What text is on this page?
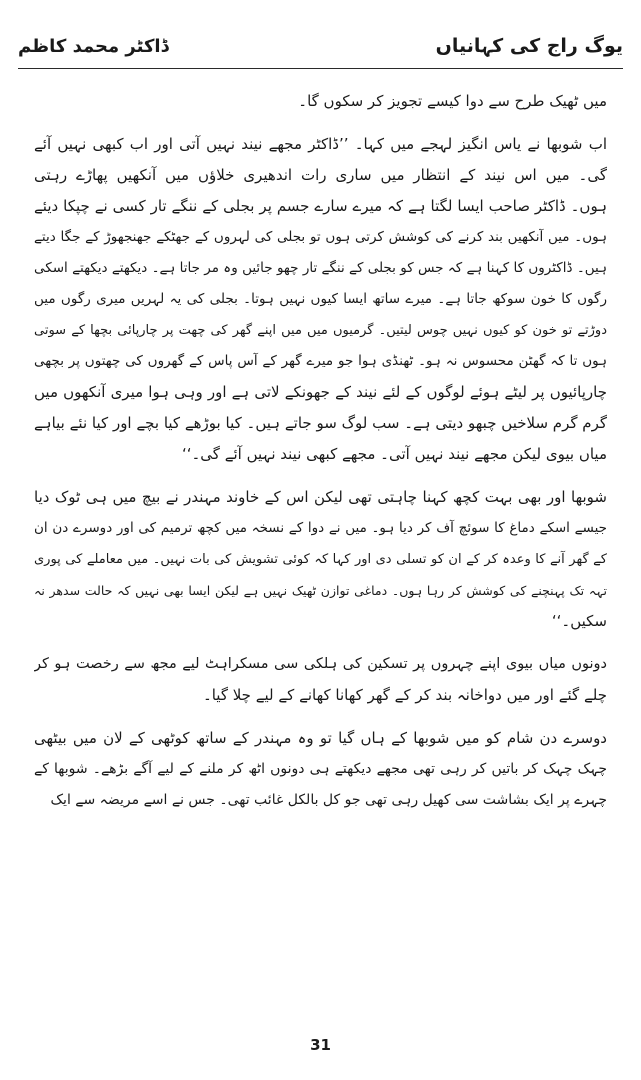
ڈاکٹر محمد کاظم	یوگ راج کی کہانیاں
میں ٹھیک طرح سے دوا کیسے تجویز کر سکوں گا۔
اب شوبھا نے یاس انگیز لہجے میں کہا۔ ’’ڈاکٹر مجھے نیند نہیں آتی اور اب کبھی نہیں آئے
گی۔ میں اس نیند کے انتظار میں ساری رات اندھیری خلاؤں میں آنکھیں پھاڑے رہتی
ہوں۔ ڈاکٹر صاحب ایسا لگتا ہے کہ میرے سارے جسم پر بجلی کے ننگے تار کسی نے چپکا دیئے
ہوں۔ میں آنکھیں بند کرنے کی کوشش کرتی ہوں تو بجلی کی لہروں کے جھٹکے جھنجھوڑ کے جگا دیتے
ہیں۔ ڈاکٹروں کا کہنا ہے کہ جس کو بجلی کے ننگے تار چھو جائیں وہ مر جاتا ہے۔ دیکھتے دیکھتے اسکی
رگوں کا خون سوکھ جاتا ہے۔ میرے ساتھ ایسا کیوں نہیں ہوتا۔ بجلی کی یہ لہریں میری رگوں میں
دوڑتے تو خون کو کیوں نہیں چوس لیتیں۔ گرمیوں میں میں اپنے گھر کی چھت پر چارپائی بچھا کے سوتی
ہوں تا کہ گھٹن محسوس نہ ہو۔ ٹھنڈی ہوا جو میرے گھر کے آس پاس کے گھروں کی چھتوں پر بچھی
چارپائیوں پر لیٹے ہوئے لوگوں کے لئے نیند کے جھونکے لاتی ہے اور وہی ہوا میری آنکھوں میں
گرم گرم سلاخیں چبھو دیتی ہے۔ سب لوگ سو جاتے ہیں۔ کیا بوڑھے کیا بچے اور کیا نئے بیاہے
میاں بیوی لیکن مجھے نیند نہیں آتی۔ مجھے کبھی نیند نہیں آئے گی۔‘‘
شوبھا اور بھی بہت کچھ کہنا چاہتی تھی لیکن اس کے خاوند مہندر نے بیچ میں ہی ٹوک دیا
جیسے اسکے دماغ کا سوئچ آف کر دیا ہو۔ میں نے دوا کے نسخہ میں کچھ ترمیم کی اور دوسرے دن ان
کے گھر آنے کا وعدہ کر کے ان کو تسلی دی اور کہا کہ کوئی تشویش کی بات نہیں۔ میں معاملے کی پوری
تہہ تک پہنچنے کی کوشش کر رہا ہوں۔ دماغی توازن ٹھیک نہیں ہے لیکن ایسا بھی نہیں کہ حالت سدھر نہ
سکیں۔‘‘
دونوں میاں بیوی اپنے چہروں پر تسکین کی ہلکی سی مسکراہٹ لیے مجھ سے رخصت ہو کر
چلے گئے اور میں دواخانہ بند کر کے گھر کھانا کھانے کے لیے چلا گیا۔
دوسرے دن شام کو میں شوبھا کے ہاں گیا تو وہ مہندر کے ساتھ کوٹھی کے لان میں بیٹھی
چہک چہک کر باتیں کر رہی تھی مجھے دیکھتے ہی دونوں اٹھ کر ملنے کے لیے آگے بڑھے۔ شوبھا کے
چہرے پر ایک بشاشت سی کھیل رہی تھی جو کل بالکل غائب تھی۔ جس نے اسے مریضہ سے ایک
31
